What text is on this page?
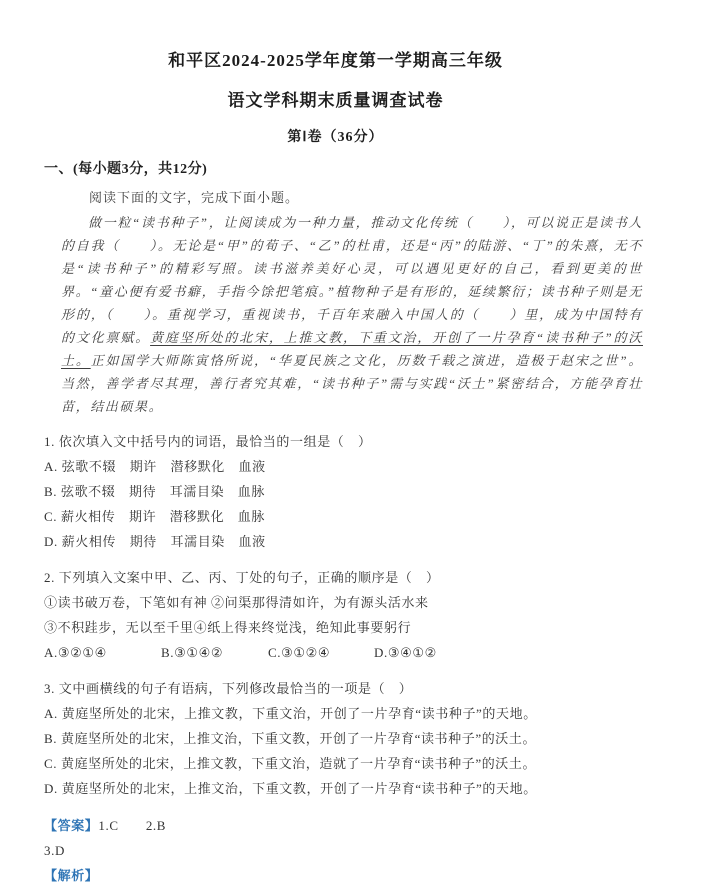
和平区2024-2025学年度第一学期高三年级
语文学科期末质量调查试卷
第Ⅰ卷（36分）
一、(每小题3分，共12分)
阅读下面的文字，完成下面小题。

做一粒“读书种子”，让阅读成为一种力量，推动文化传统（　　），可以说正是读书人的自我（　　）。无论是“甲”的荀子、“乙”的杜甫，还是“丙”的陆游、“丁”的朱熹，无不是“读书种子”的精彩写照。读书滋养美好心灵，可以遇见更好的自己，看到更美的世界。“童心便有爱书癖，手指今馀把笔痕。”植物种子是有形的，延续繁衍；读书种子则是无形的，（　　）。重视学习，重视读书，千百年来融入中国人的（　　）里，成为中国特有的文化禀赋。黄庭坚所处的北宋，上推文教，下重文治，开创了一片孕育“读书种子”的沃土。正如国学大师陈寅恪所说，“华夏民族之文化，历数千载之演进，造极于赵宋之世”。当然，善学者尽其理，善行者究其难，“读书种子”需与实践“沃土”紧密结合，方能孕育壮苗，结出硕果。

1. 依次填入文中括号内的词语，最恰当的一组是（　）
A. 弦歌不辍　期许　潜移默化　血液
B. 弦歌不辍　期待　耳濡目染　血脉
C. 薪火相传　期许　潜移默化　血脉
D. 薪火相传　期待　耳濡目染　血液
2. 下列填入文案中甲、乙、丙、丁处的句子，正确的顺序是（　）
①读书破万卷，下笔如有神 ②问渠那得清如许，为有源头活水来
③不积跬步，无以至千里④纸上得来终觉浅，绝知此事要躬行
A.③②①④	B.③①④②	C.③①②④	D.③④①②
3. 文中画横线的句子有语病，下列修改最恰当的一项是（　）
A. 黄庭坚所处的北宋，上推文教，下重文治，开创了一片孕育“读书种子”的天地。
B. 黄庭坚所处的北宋，上推文治，下重文教，开创了一片孕育“读书种子”的沃土。
C. 黄庭坚所处的北宋，上推文教，下重文治，造就了一片孕育“读书种子”的沃土。
D. 黄庭坚所处的北宋，上推文治，下重文教，开创了一片孕育“读书种子”的天地。
【答案】1.C　　2.B
3.D
【解析】
